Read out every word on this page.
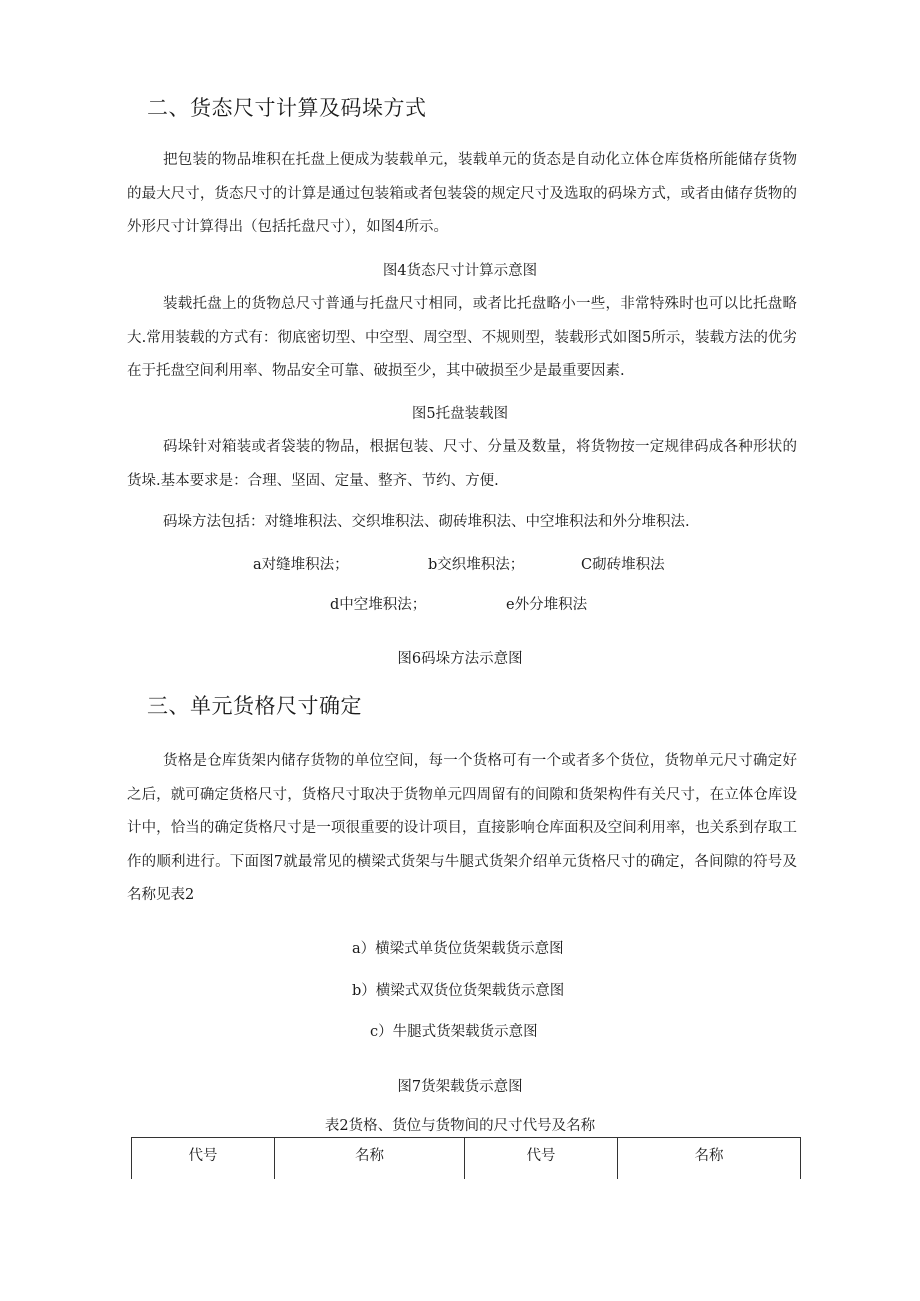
二、货态尺寸计算及码垛方式

把包装的物品堆积在托盘上便成为装载单元，装载单元的货态是自动化立体仓库货格所能储存货物的最大尺寸，货态尺寸的计算是通过包装箱或者包装袋的规定尺寸及选取的码垛方式，或者由储存货物的外形尺寸计算得出（包括托盘尺寸），如图4所示。

图4货态尺寸计算示意图

装载托盘上的货物总尺寸普通与托盘尺寸相同，或者比托盘略小一些，非常特殊时也可以比托盘略大.常用装载的方式有：彻底密切型、中空型、周空型、不规则型，装载形式如图5所示，装载方法的优劣在于托盘空间利用率、物品安全可靠、破损至少，其中破损至少是最重要因素.

图5托盘装载图

码垛针对箱装或者袋装的物品，根据包装、尺寸、分量及数量，将货物按一定规律码成各种形状的货垛.基本要求是：合理、坚固、定量、整齐、节约、方便.

码垛方法包括：对缝堆积法、交织堆积法、砌砖堆积法、中空堆积法和外分堆积法.

a对缝堆积法；	b交织堆积法；	C砌砖堆积法
d中空堆积法；	e外分堆积法
图6码垛方法示意图
三、单元货格尺寸确定

货格是仓库货架内储存货物的单位空间，每一个货格可有一个或者多个货位，货物单元尺寸确定好之后，就可确定货格尺寸，货格尺寸取决于货物单元四周留有的间隙和货架构件有关尺寸，在立体仓库设计中，恰当的确定货格尺寸是一项很重要的设计项目，直接影响仓库面积及空间利用率，也关系到存取工作的顺利进行。下面图7就最常见的横梁式货架与牛腿式货架介绍单元货格尺寸的确定，各间隙的符号及名称见表2

a）横梁式单货位货架载货示意图
b）横梁式双货位货架载货示意图
c）牛腿式货架载货示意图
图7货架载货示意图
表2货格、货位与货物间的尺寸代号及名称
代号	名称	代号	名称
